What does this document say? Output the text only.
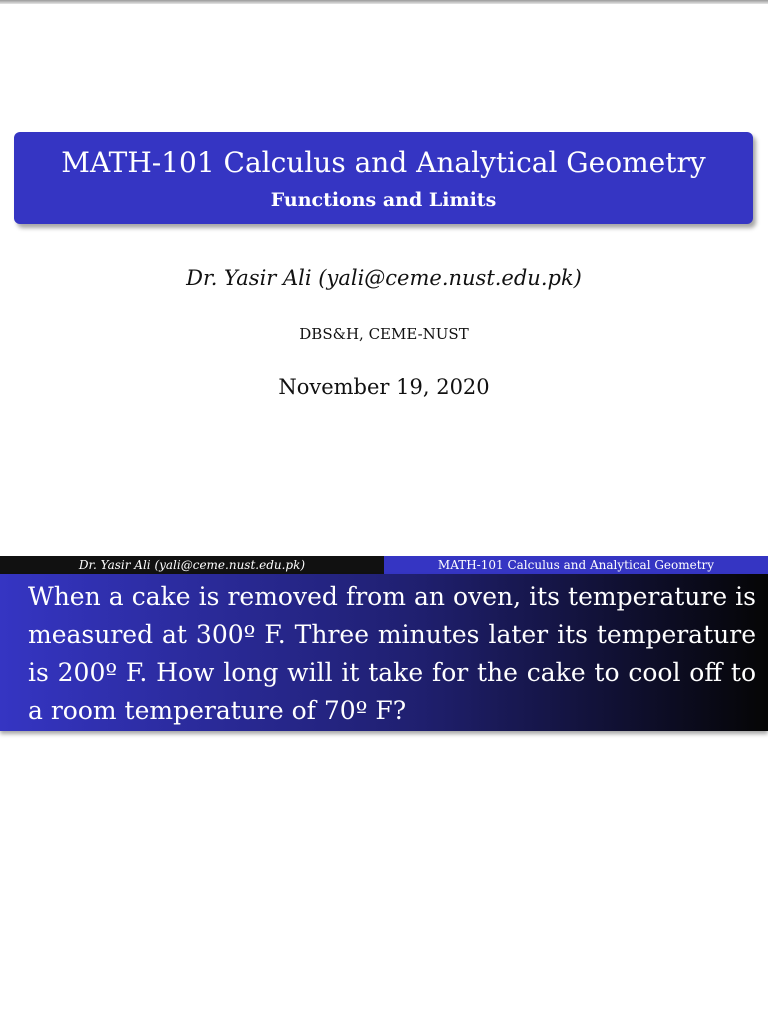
MATH-101 Calculus and Analytical Geometry
Functions and Limits
Dr. Yasir Ali (yali@ceme.nust.edu.pk)
DBS&H, CEME-NUST
November 19, 2020
Dr. Yasir Ali (yali@ceme.nust.edu.pk)	MATH-101 Calculus and Analytical Geometry
When a cake is removed from an oven, its temperature is measured at 300º F. Three minutes later its temperature is 200º F. How long will it take for the cake to cool off to a room temperature of 70º F?
